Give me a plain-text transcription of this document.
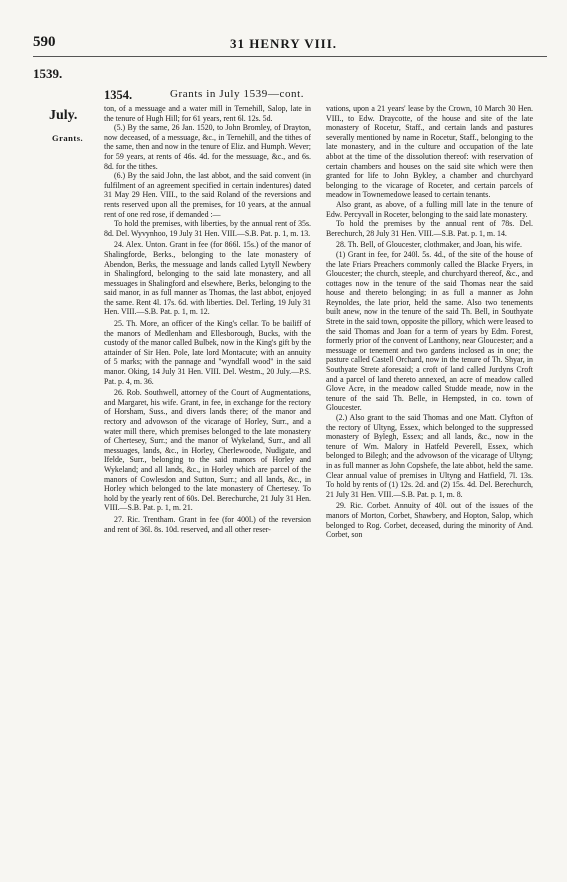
590	31 HENRY VIII.
1539.
1354.	Grants in July 1539—cont.
July.
Grants.

ton, of a messuage and a water mill in Ternehill, Salop, late in the tenure of Hugh Hill; for 61 years, rent 6l. 12s. 5d.

(5.) By the same, 26 Jan. 1520, to John Bromley, of Drayton, now deceased, of a messuage, &c., in Ternehill, and the tithes of the same, then and now in the tenure of Eliz. and Humph. Wever; for 59 years, at rents of 46s. 4d. for the messuage, &c., and 6s. 8d. for the tithes.

(6.) By the said John, the last abbot, and the said convent (in fulfilment of an agreement specified in certain indentures) dated 31 May 29 Hen. VIII., to the said Roland of the reversions and rents reserved upon all the premises, for 10 years, at the annual rent of one red rose, if demanded :—

To hold the premises, with liberties, by the annual rent of 35s. 8d. Del. Wyvynhoo, 19 July 31 Hen. VIII.—S.B. Pat. p. 1, m. 13.

24. Alex. Unton. Grant in fee (for 866l. 15s.) of the manor of Shalingforde, Berks., belonging to the late monastery of Abendon, Berks, the messuage and lands called Lytyll Newbery in Shalingford, belonging to the said late monastery, and all messuages in Shalingford and elsewhere, Berks, belonging to the said manor, in as full manner as Thomas, the last abbot, enjoyed the same. Rent 4l. 17s. 6d. with liberties. Del. Terling, 19 July 31 Hen. VIII.—S.B. Pat. p. 1, m. 12.

25. Th. More, an officer of the King's cellar. To be bailiff of the manors of Medlenham and Ellesborough, Bucks, with the custody of the manor called Bulbek, now in the King's gift by the attainder of Sir Hen. Pole, late lord Montacute; with an annuity of 5 marks; with the pannage and "wyndfall wood" in the said manor. Oking, 14 July 31 Hen. VIII. Del. Westm., 20 July.—P.S. Pat. p. 4, m. 36.

26. Rob. Southwell, attorney of the Court of Augmentations, and Margaret, his wife. Grant, in fee, in exchange for the rectory of Horsham, Suss., and divers lands there; of the manor and rectory and advowson of the vicarage of Horley, Surr., and a water mill there, which premises belonged to the late monastery of Chertesey, Surr.; and the manor of Wykeland, Surr., and all messuages, lands, &c., in Horley, Cherlewoode, Nudigate, and Ifelde, Surr., belonging to the said manors of Horley and Wykeland; and all lands, &c., in Horley which are parcel of the manors of Cowlesdon and Sutton, Surr.; and all lands, &c., in Horley which belonged to the late monastery of Chertesey. To hold by the yearly rent of 60s. Del. Berechurche, 21 July 31 Hen. VIII.—S.B. Pat. p. 1, m. 21.

27. Ric. Trentham. Grant in fee (for 400l.) of the reversion and rent of 36l. 8s. 10d. reserved, and all other reser-

vations, upon a 21 years' lease by the Crown, 10 March 30 Hen. VIII., to Edw. Draycotte, of the house and site of the late monastery of Rocetur, Staff., and certain lands and pastures severally mentioned by name in Rocetur, Staff., belonging to the late monastery, and in the culture and occupation of the late abbot at the time of the dissolution thereof: with reservation of certain chambers and houses on the said site which were then granted for life to John Bykley, a chamber and churchyard belonging to the vicarage of Roceter, and certain parcels of meadow in Townemedowe leased to certain tenants.

Also grant, as above, of a fulling mill late in the tenure of Edw. Percyvall in Roceter, belonging to the said late monastery.

To hold the premises by the annual rent of 78s. Del. Berechurch, 28 July 31 Hen. VIII.—S.B. Pat. p. 1, m. 14.

28. Th. Bell, of Gloucester, clothmaker, and Joan, his wife.

(1) Grant in fee, for 240l. 5s. 4d., of the site of the house of the late Friars Preachers commonly called the Blacke Fryers, in Gloucester; the church, steeple, and churchyard thereof, &c., and cottages now in the tenure of the said Thomas near the said house and thereto belonging; in as full a manner as John Reynoldes, the late prior, held the same. Also two tenements built anew, now in the tenure of the said Th. Bell, in Southyate Strete in the said town, opposite the pillory, which were leased to the said Thomas and Joan for a term of years by Edm. Forest, formerly prior of the convent of Lanthony, near Gloucester; and a messuage or tenement and two gardens inclosed as in one; the pasture called Castell Orchard, now in the tenure of Th. Shyar, in Southyate Strete aforesaid; a croft of land called Jurdyns Croft and a parcel of land thereto annexed, an acre of meadow called Glove Acre, in the meadow called Studde meade, now in the tenure of the said Th. Belle, in Hempsted, in co. town of Gloucester.

(2.) Also grant to the said Thomas and one Matt. Clyfton of the rectory of Ultyng, Essex, which belonged to the suppressed monastery of Bylegh, Essex; and all lands, &c., now in the tenure of Wm. Malory in Hatfeld Peverell, Essex, which belonged to Bilegh; and the advowson of the vicarage of Ultyng; in as full manner as John Copshefe, the late abbot, held the same. Clear annual value of premises in Ultyng and Hatfield, 7l. 13s. To hold by rents of (1) 12s. 2d. and (2) 15s. 4d. Del. Berechurch, 21 July 31 Hen. VIII.—S.B. Pat. p. 1, m. 8.

29. Ric. Corbet. Annuity of 40l. out of the issues of the manors of Morton, Corbet, Shawbery, and Hopton, Salop, which belonged to Rog. Corbet, deceased, during the minority of And. Corbet, son
